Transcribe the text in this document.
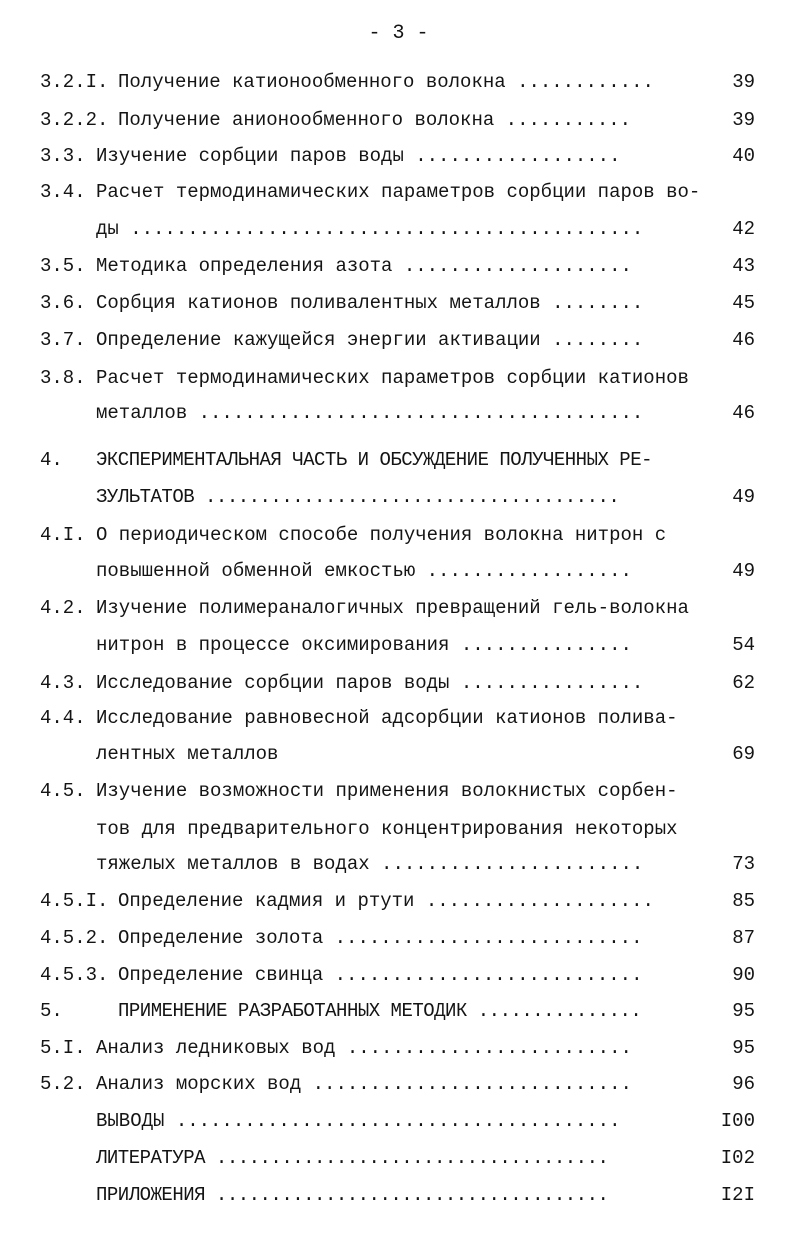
- 3 -
3.2.I. Получение катионообменного волокна ............	39
3.2.2. Получение анионообменного волокна ...........	39
3.3. Изучение сорбции паров воды ..................	40
3.4. Расчет термодинамических параметров сорбции паров во-
ды .............................................	42
3.5. Методика определения азота ....................	43
3.6. Сорбция катионов поливалентных металлов ........	45
3.7. Определение кажущейся энергии активации ........	46
3.8. Расчет термодинамических параметров сорбции катионов
металлов .......................................	46
4. ЭКСПЕРИМЕНТАЛЬНАЯ ЧАСТЬ И ОБСУЖДЕНИЕ ПОЛУЧЕННЫХ РЕ-
ЗУЛЬТАТОВ ......................................	49
4.I. О периодическом способе получения волокна нитрон с
повышенной обменной емкостью ..................	49
4.2. Изучение полимераналогичных превращений гель-волокна
нитрон в процессе оксимирования ...............	54
4.3. Исследование сорбции паров воды ................	62
4.4. Исследование равновесной адсорбции катионов полива-
лентных металлов	69
4.5. Изучение возможности применения волокнистых сорбен-
тов для предварительного концентрирования некоторых
тяжелых металлов в водах .......................	73
4.5.I. Определение кадмия и ртути ....................	85
4.5.2. Определение золота ...........................	87
4.5.3. Определение свинца ...........................	90
5.	ПРИМЕНЕНИЕ РАЗРАБОТАННЫХ МЕТОДИК ...............	95
5.I. Анализ ледниковых вод .........................	95
5.2. Анализ морских вод ............................	96
ВЫВОДЫ .......................................	I00
ЛИТЕРАТУРА ....................................	I02
ПРИЛОЖЕНИЯ ....................................	I2I
